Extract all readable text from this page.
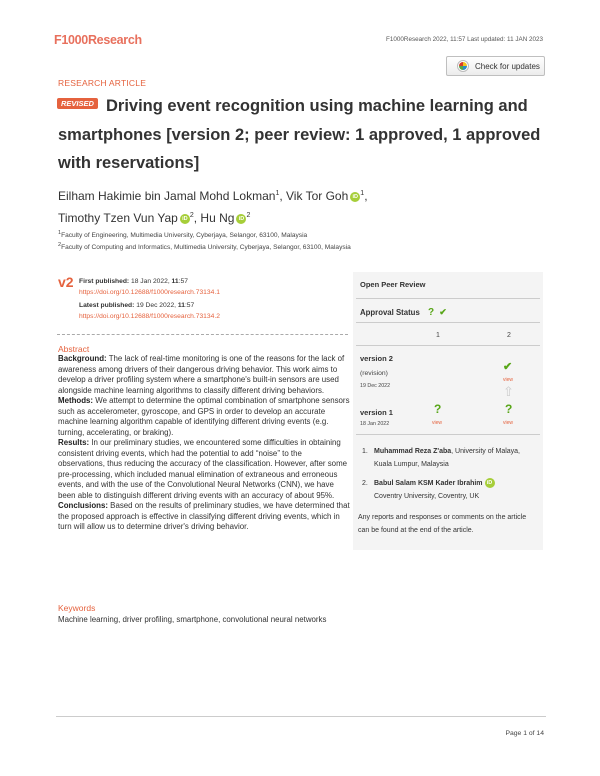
F1000Research	F1000Research 2022, 11:57 Last updated: 11 JAN 2023
RESEARCH ARTICLE
Check for updates
Driving event recognition using machine learning and smartphones [version 2; peer review: 1 approved, 1 approved with reservations]
REVISED
Eilham Hakimie bin Jamal Mohd Lokman$^1$, Vik Tor Goh iD $^1$,
Timothy Tzen Vun Yap iD $^2$, Hu Ng iD $^2$
$^1$Faculty of Engineering, Multimedia University, Cyberjaya, Selangor, 63100, Malaysia
$^2$Faculty of Computing and Informatics, Multimedia University, Cyberjaya, Selangor, 63100, Malaysia
v2 First published: 18 Jan 2022, 11:57
https://doi.org/10.12688/f1000research.73134.1
Latest published: 19 Dec 2022, 11:57
https://doi.org/10.12688/f1000research.73134.2
Abstract
Background: The lack of real-time monitoring is one of the reasons for the lack of awareness among drivers of their dangerous driving behavior. This work aims to develop a driver profiling system where a smartphone's built-in sensors are used alongside machine learning algorithms to classify different driving behaviors.
Methods: We attempt to determine the optimal combination of smartphone sensors such as accelerometer, gyroscope, and GPS in order to develop an accurate machine learning algorithm capable of identifying different driving events (e.g. turning, accelerating, or braking).
Results: In our preliminary studies, we encountered some difficulties in obtaining consistent driving events, which had the potential to add “noise” to the observations, thus reducing the accuracy of the classification. However, after some pre-processing, which included manual elimination of extraneous and erroneous events, and with the use of the Convolutional Neural Networks (CNN), we have been able to distinguish different driving events with an accuracy of about 95%.
Conclusions: Based on the results of preliminary studies, we have determined that the proposed approach is effective in classifying different driving events, which in turn will allow us to determine driver's driving behavior.
Keywords
Machine learning, driver profiling, smartphone, convolutional neural networks
Open Peer Review
Approval Status ? ✔
1	2
version 2
(revision)
19 Dec 2022
✔
view
⇧
version 1
18 Jan 2022
?
view
?
view
1. Muhammad Reza Z'aba, University of Malaya, Kuala Lumpur, Malaysia
2. Babul Salam KSM Kader Ibrahim iD
Coventry University, Coventry, UK
Any reports and responses or comments on the article can be found at the end of the article.
Page 1 of 14
